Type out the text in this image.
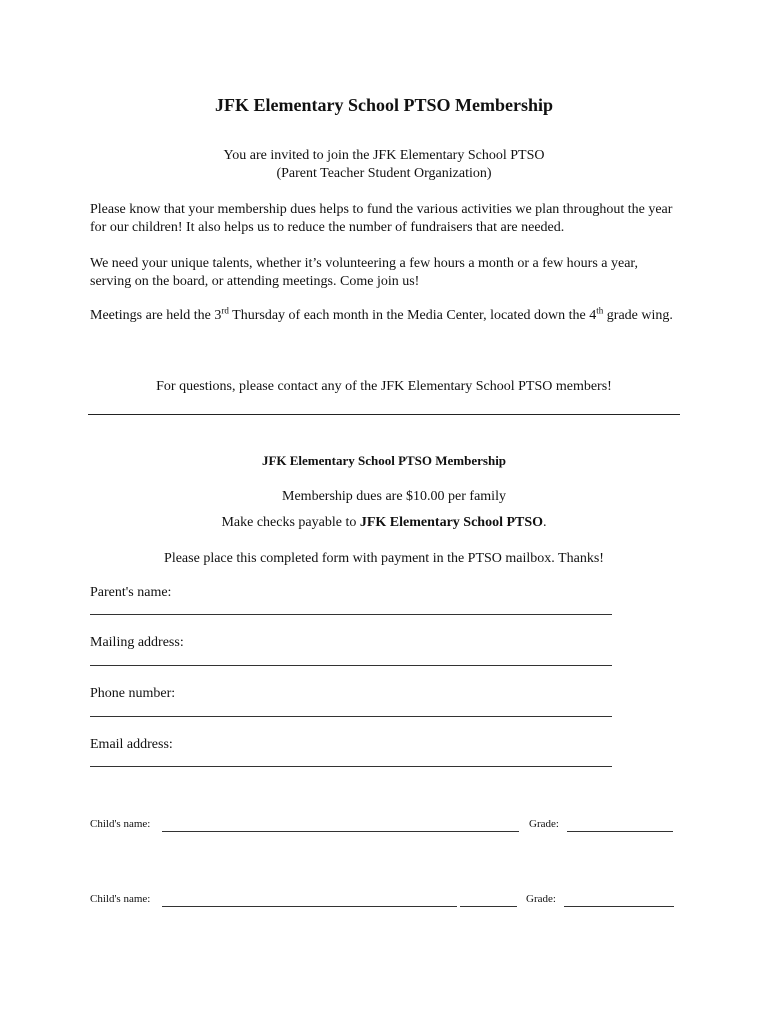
JFK Elementary School PTSO Membership
You are invited to join the JFK Elementary School PTSO
(Parent Teacher Student Organization)
Please know that your membership dues helps to fund the various activities we plan throughout the year for our children! It also helps us to reduce the number of fundraisers that are needed.
We need your unique talents, whether it’s volunteering a few hours a month or a few hours a year, serving on the board, or attending meetings. Come join us!
Meetings are held the 3rd Thursday of each month in the Media Center, located down the 4th grade wing.
For questions, please contact any of the JFK Elementary School PTSO members!
JFK Elementary School PTSO Membership
Membership dues are $10.00 per family
Make checks payable to JFK Elementary School PTSO.
Please place this completed form with payment in the PTSO mailbox. Thanks!
Parent's name:
Mailing address:
Phone number:
Email address:
Child's name:	Grade:
Child's name:	Grade:
